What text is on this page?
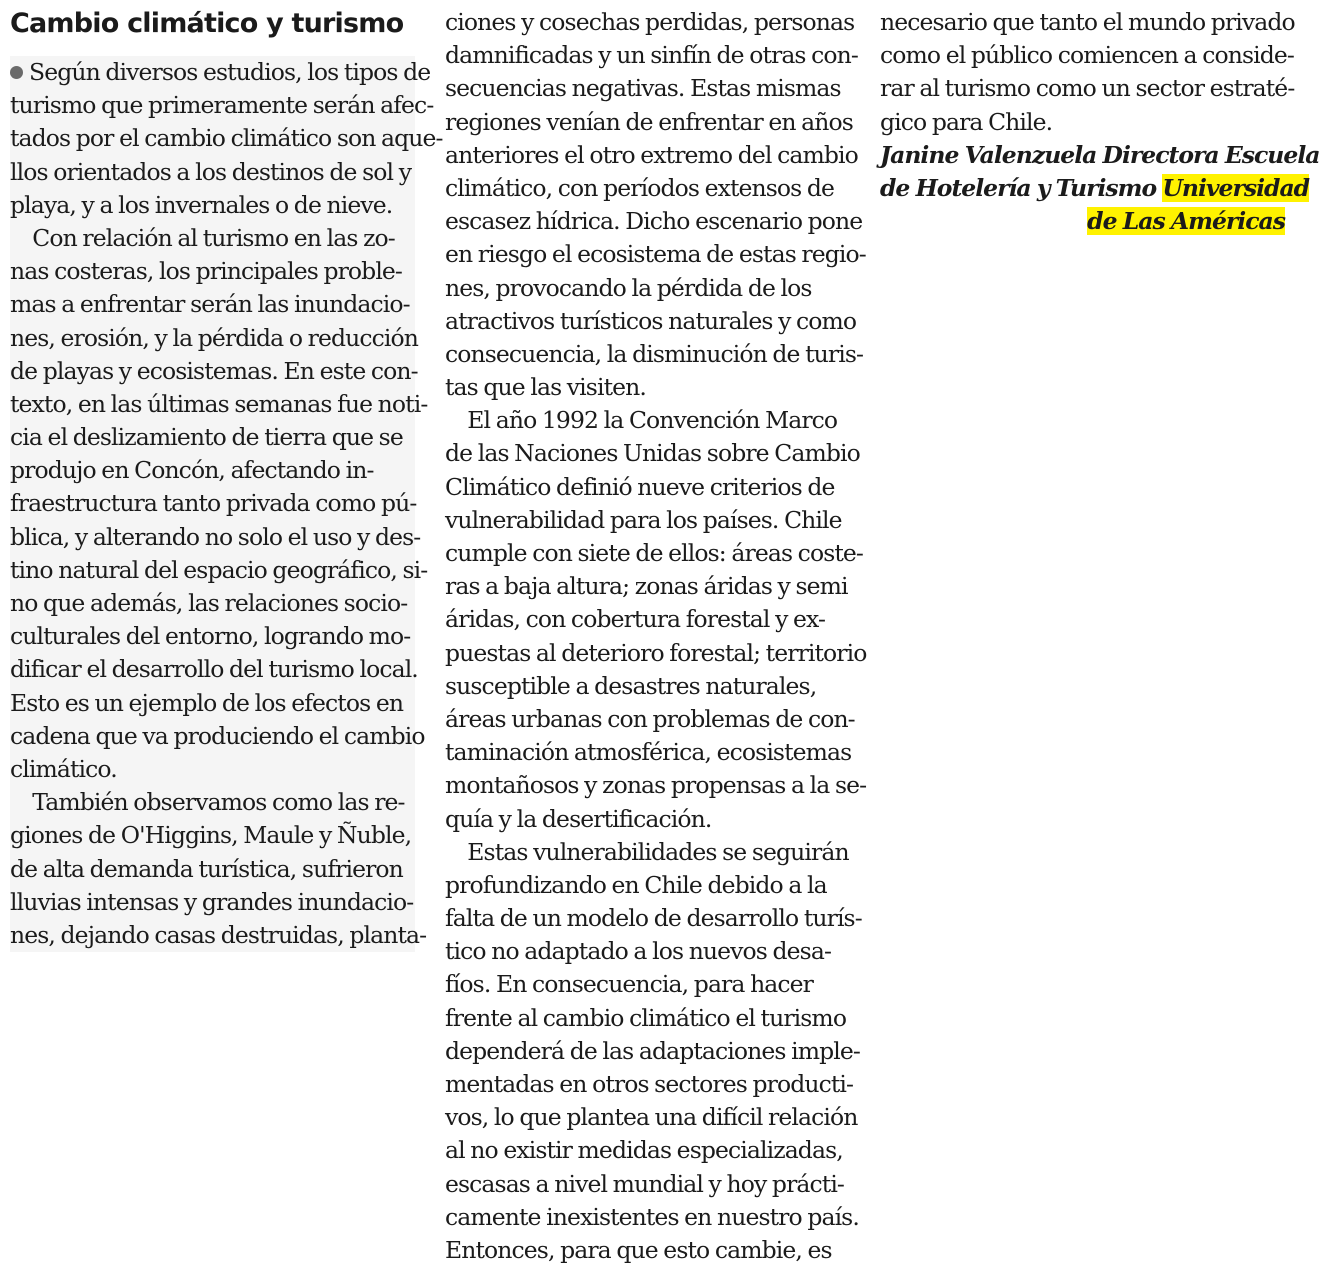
Cambio climático y turismo
Según diversos estudios, los tipos de
turismo que primeramente serán afec-
tados por el cambio climático son aque-
llos orientados a los destinos de sol y
playa, y a los invernales o de nieve.
Con relación al turismo en las zo-
nas costeras, los principales proble-
mas a enfrentar serán las inundacio-
nes, erosión, y la pérdida o reducción
de playas y ecosistemas. En este con-
texto, en las últimas semanas fue noti-
cia el deslizamiento de tierra que se
produjo en Concón, afectando in-
fraestructura tanto privada como pú-
blica, y alterando no solo el uso y des-
tino natural del espacio geográfico, si-
no que además, las relaciones socio-
culturales del entorno, logrando mo-
dificar el desarrollo del turismo local.
Esto es un ejemplo de los efectos en
cadena que va produciendo el cambio
climático.
También observamos como las re-
giones de O'Higgins, Maule y Ñuble,
de alta demanda turística, sufrieron
lluvias intensas y grandes inundacio-
nes, dejando casas destruidas, planta-
ciones y cosechas perdidas, personas
damnificadas y un sinfín de otras con-
secuencias negativas. Estas mismas
regiones venían de enfrentar en años
anteriores el otro extremo del cambio
climático, con períodos extensos de
escasez hídrica. Dicho escenario pone
en riesgo el ecosistema de estas regio-
nes, provocando la pérdida de los
atractivos turísticos naturales y como
consecuencia, la disminución de turis-
tas que las visiten.
El año 1992 la Convención Marco
de las Naciones Unidas sobre Cambio
Climático definió nueve criterios de
vulnerabilidad para los países. Chile
cumple con siete de ellos: áreas coste-
ras a baja altura; zonas áridas y semi
áridas, con cobertura forestal y ex-
puestas al deterioro forestal; territorio
susceptible a desastres naturales,
áreas urbanas con problemas de con-
taminación atmosférica, ecosistemas
montañosos y zonas propensas a la se-
quía y la desertificación.
Estas vulnerabilidades se seguirán
profundizando en Chile debido a la
falta de un modelo de desarrollo turís-
tico no adaptado a los nuevos desa-
fíos. En consecuencia, para hacer
frente al cambio climático el turismo
dependerá de las adaptaciones imple-
mentadas en otros sectores producti-
vos, lo que plantea una difícil relación
al no existir medidas especializadas,
escasas a nivel mundial y hoy prácti-
camente inexistentes en nuestro país.
Entonces, para que esto cambie, es
necesario que tanto el mundo privado
como el público comiencen a conside-
rar al turismo como un sector estraté-
gico para Chile.
Janine Valenzuela Directora Escuela
de Hotelería y Turismo Universidad
de Las Américas
